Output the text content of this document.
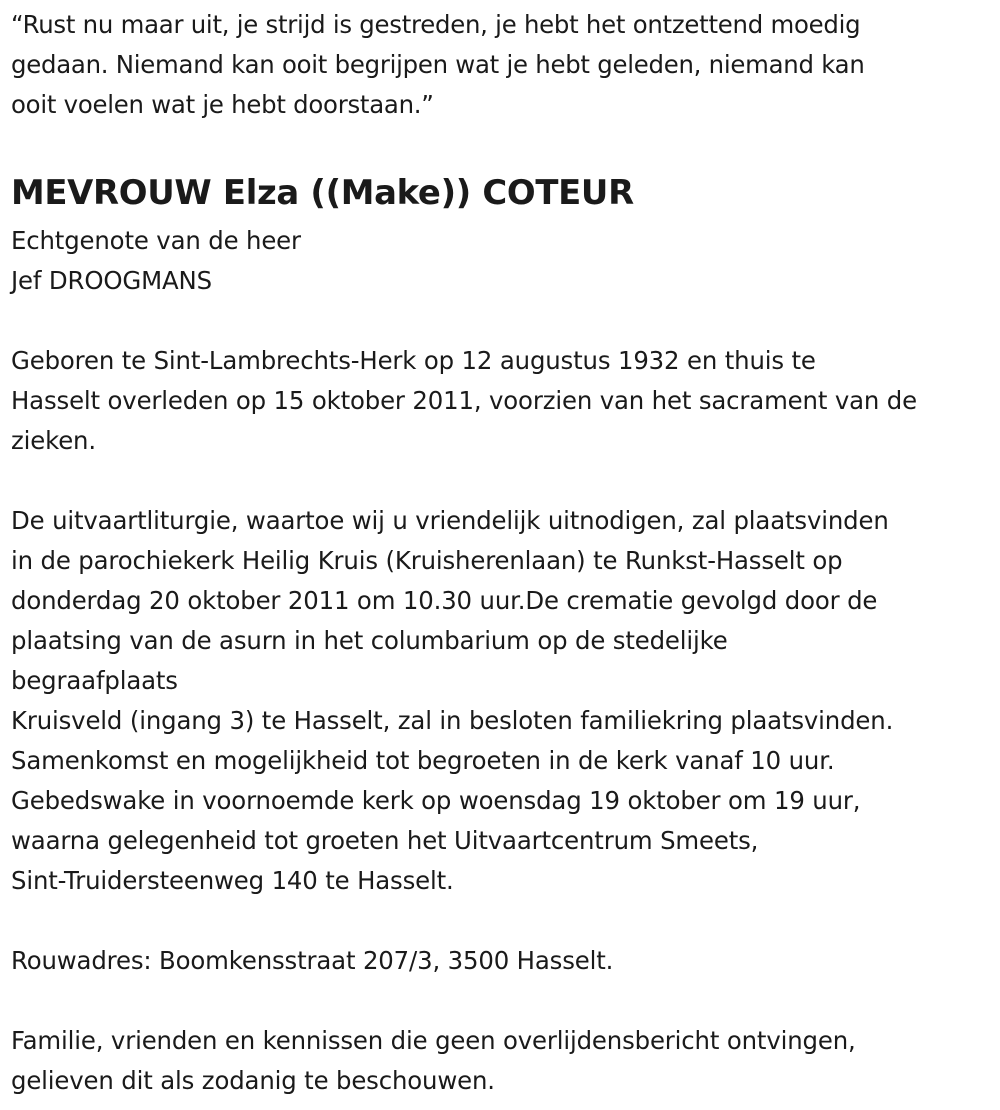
“Rust nu maar uit, je strijd is gestreden, je hebt het ontzettend moedig
gedaan. Niemand kan ooit begrijpen wat je hebt geleden, niemand kan
ooit voelen wat je hebt doorstaan.”
MEVROUW Elza ((Make)) COTEUR
Echtgenote van de heer
Jef DROOGMANS
Geboren te Sint-Lambrechts-Herk op 12 augustus 1932 en thuis te
Hasselt overleden op 15 oktober 2011, voorzien van het sacrament van de
zieken.
De uitvaartliturgie, waartoe wij u vriendelijk uitnodigen, zal plaatsvinden
in de parochiekerk Heilig Kruis (Kruisherenlaan) te Runkst-Hasselt op
donderdag 20 oktober 2011 om 10.30 uur.De crematie gevolgd door de
plaatsing van de asurn in het columbarium op de stedelijke
begraafplaats
Kruisveld (ingang 3) te Hasselt, zal in besloten familiekring plaatsvinden.
Samenkomst en mogelijkheid tot begroeten in de kerk vanaf 10 uur.
Gebedswake in voornoemde kerk op woensdag 19 oktober om 19 uur,
waarna gelegenheid tot groeten het Uitvaartcentrum Smeets,
Sint-Truidersteenweg 140 te Hasselt.
Rouwadres: Boomkensstraat 207/3, 3500 Hasselt.
Familie, vrienden en kennissen die geen overlijdensbericht ontvingen,
gelieven dit als zodanig te beschouwen.
